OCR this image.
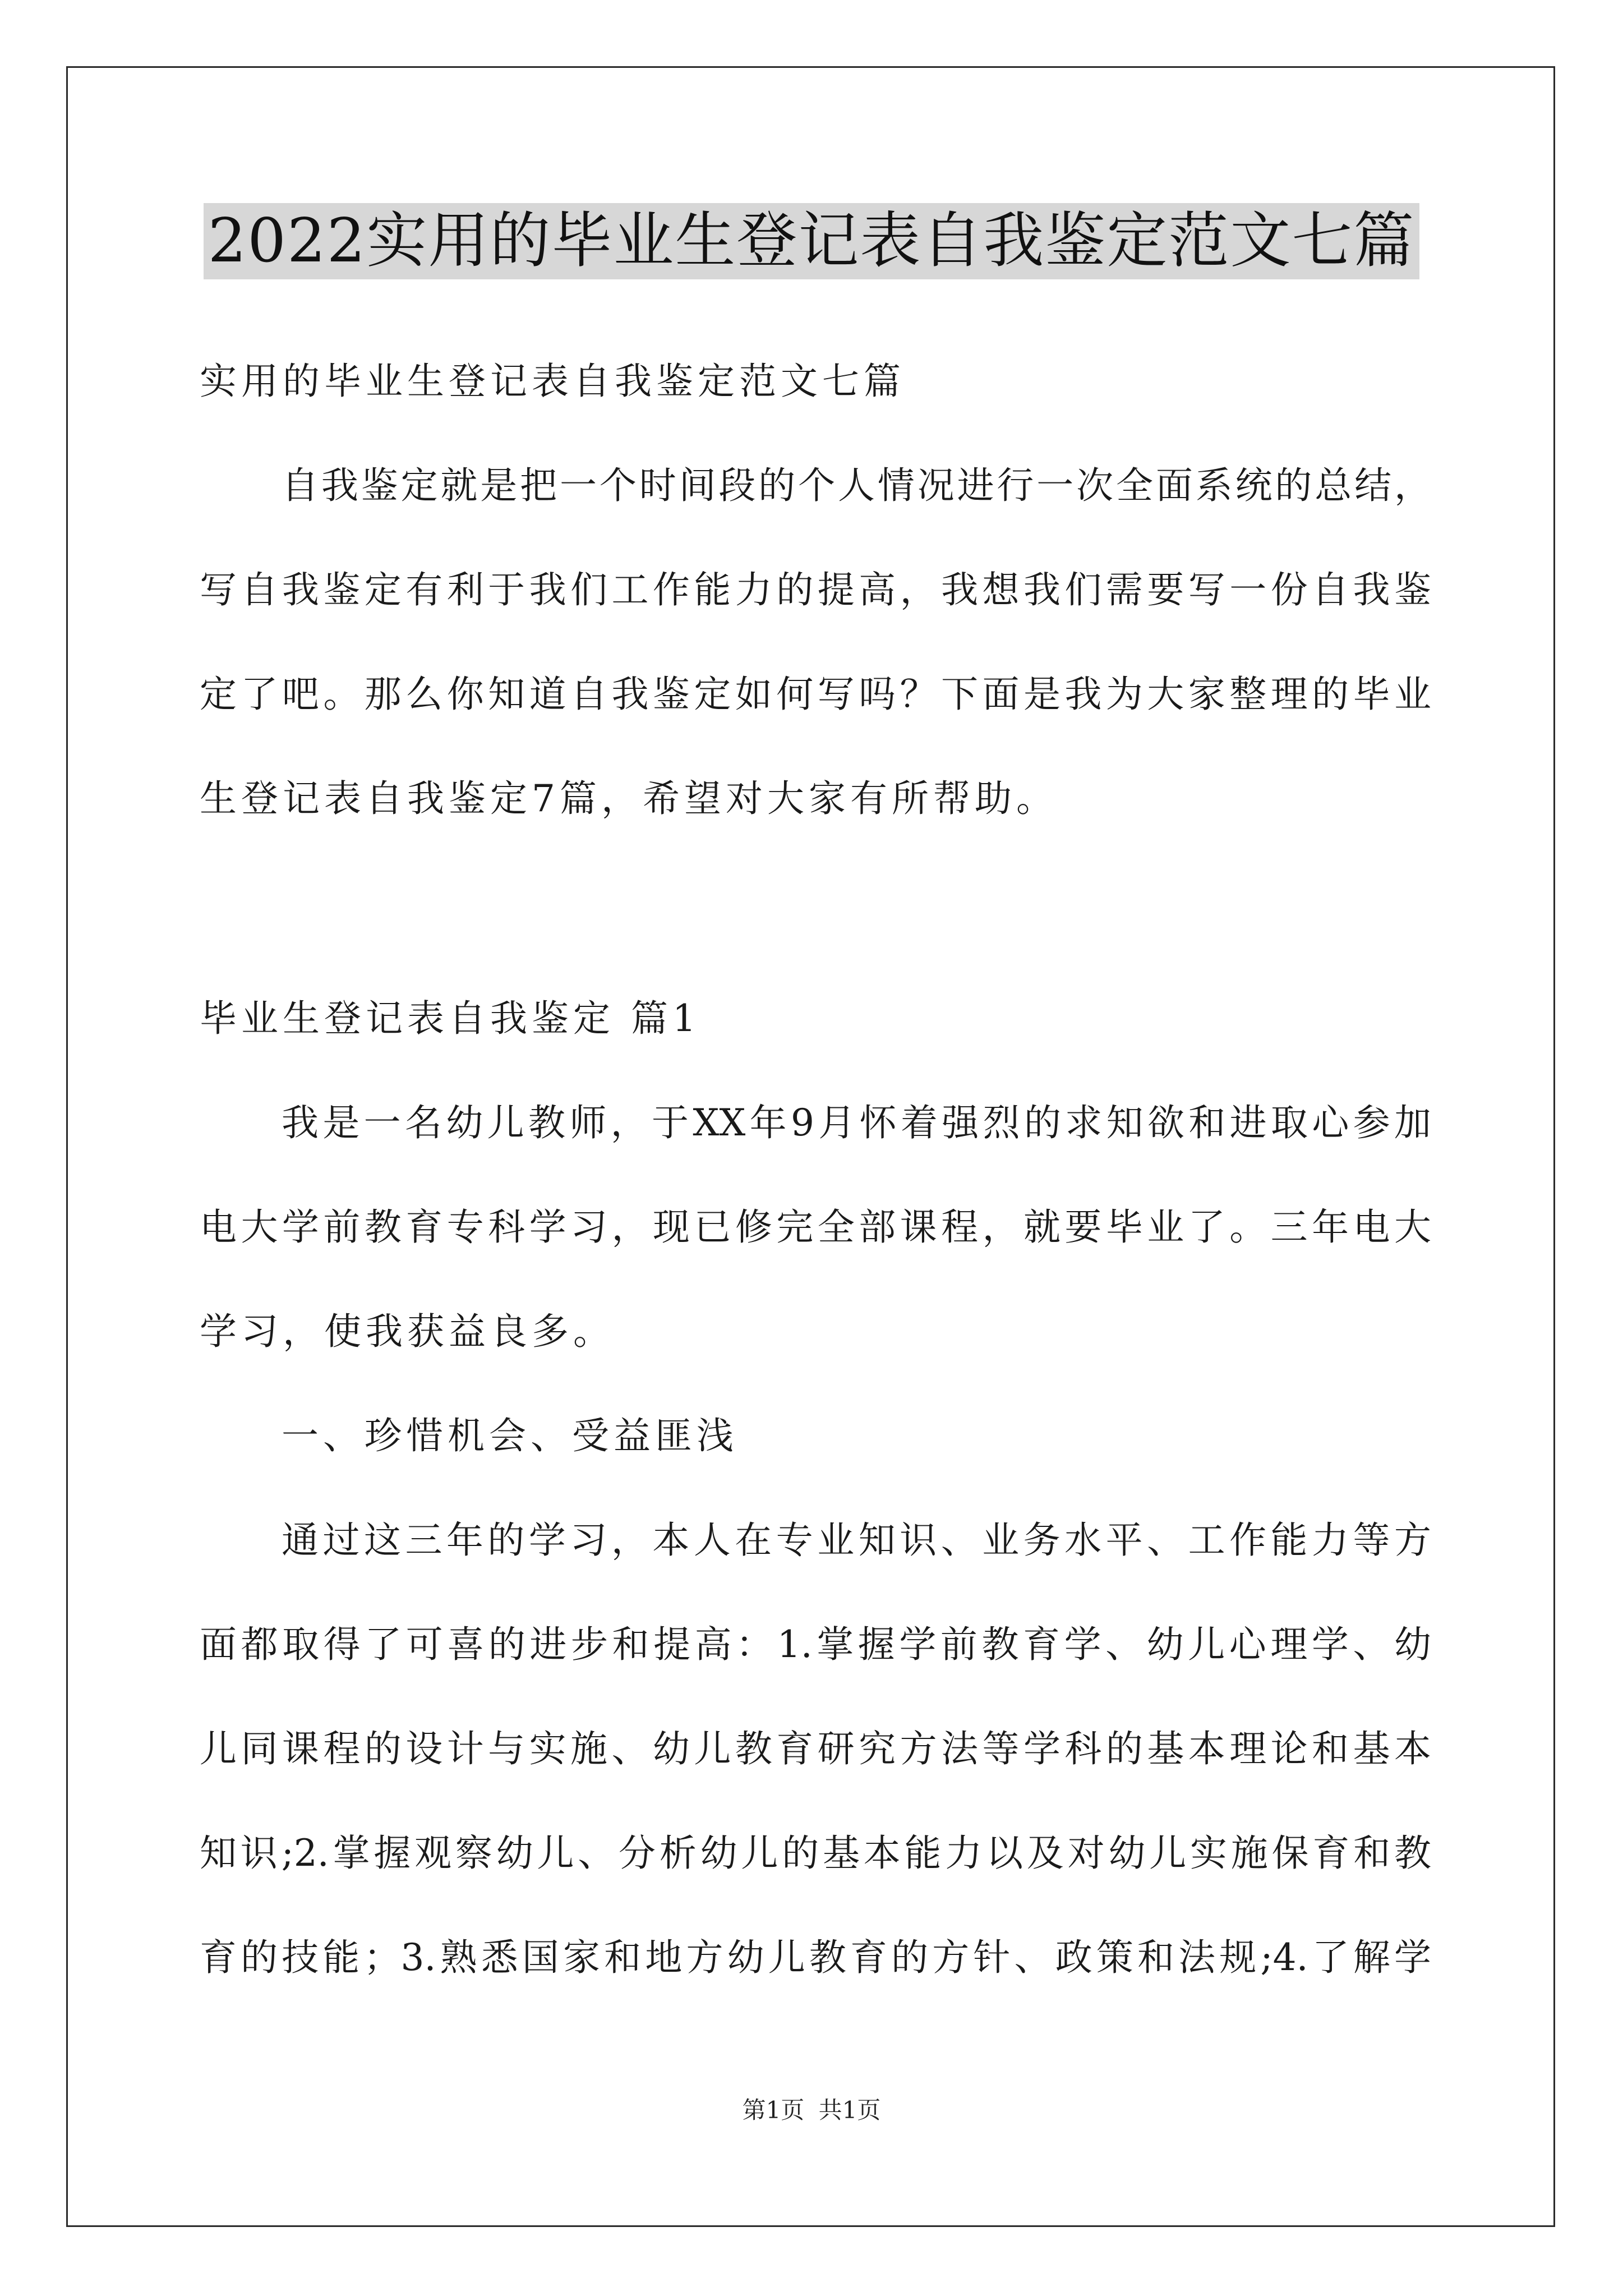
2022实用的毕业生登记表自我鉴定范文七篇
实用的毕业生登记表自我鉴定范文七篇
自我鉴定就是把一个时间段的个人情况进行一次全面系统的总结，
写自我鉴定有利于我们工作能力的提高，我想我们需要写一份自我鉴
定了吧。那么你知道自我鉴定如何写吗？下面是我为大家整理的毕业
生登记表自我鉴定7篇，希望对大家有所帮助。
毕业生登记表自我鉴定 篇1
我是一名幼儿教师，于XX年9月怀着强烈的求知欲和进取心参加
电大学前教育专科学习，现已修完全部课程，就要毕业了。三年电大
学习，使我获益良多。
一、珍惜机会、受益匪浅
通过这三年的学习，本人在专业知识、业务水平、工作能力等方
面都取得了可喜的进步和提高：1.掌握学前教育学、幼儿心理学、幼
儿同课程的设计与实施、幼儿教育研究方法等学科的基本理论和基本
知识;2.掌握观察幼儿、分析幼儿的基本能力以及对幼儿实施保育和教
育的技能；3.熟悉国家和地方幼儿教育的方针、政策和法规;4.了解学
第1页 共1页
